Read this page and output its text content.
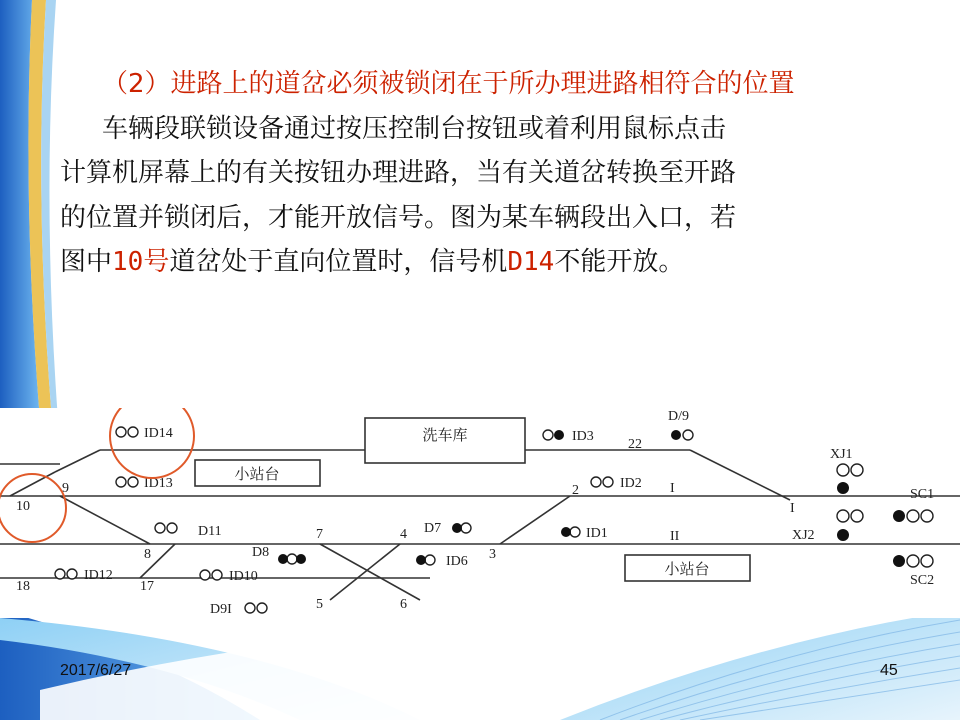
（2）进路上的道岔必须被锁闭在于所办理进路相符合的位置

车辆段联锁设备通过按压控制台按钮或着利用鼠标点击

计算机屏幕上的有关按钮办理进路，当有关道岔转换至开路

的位置并锁闭后，才能开放信号。图为某车辆段出入口，若

图中10号道岔处于直向位置时，信号机D14不能开放。

洗车库
小站台
小站台
ID14
ID13
D11
ID12	ID10
D9I
D8
D7
ID6
ID3
ID2
ID1
D/9
XJ1
XJ2
SC1
SC2
10
9
8
7	4
3
2
5	6
17
18
22
I
II
I
2017/6/27	45
